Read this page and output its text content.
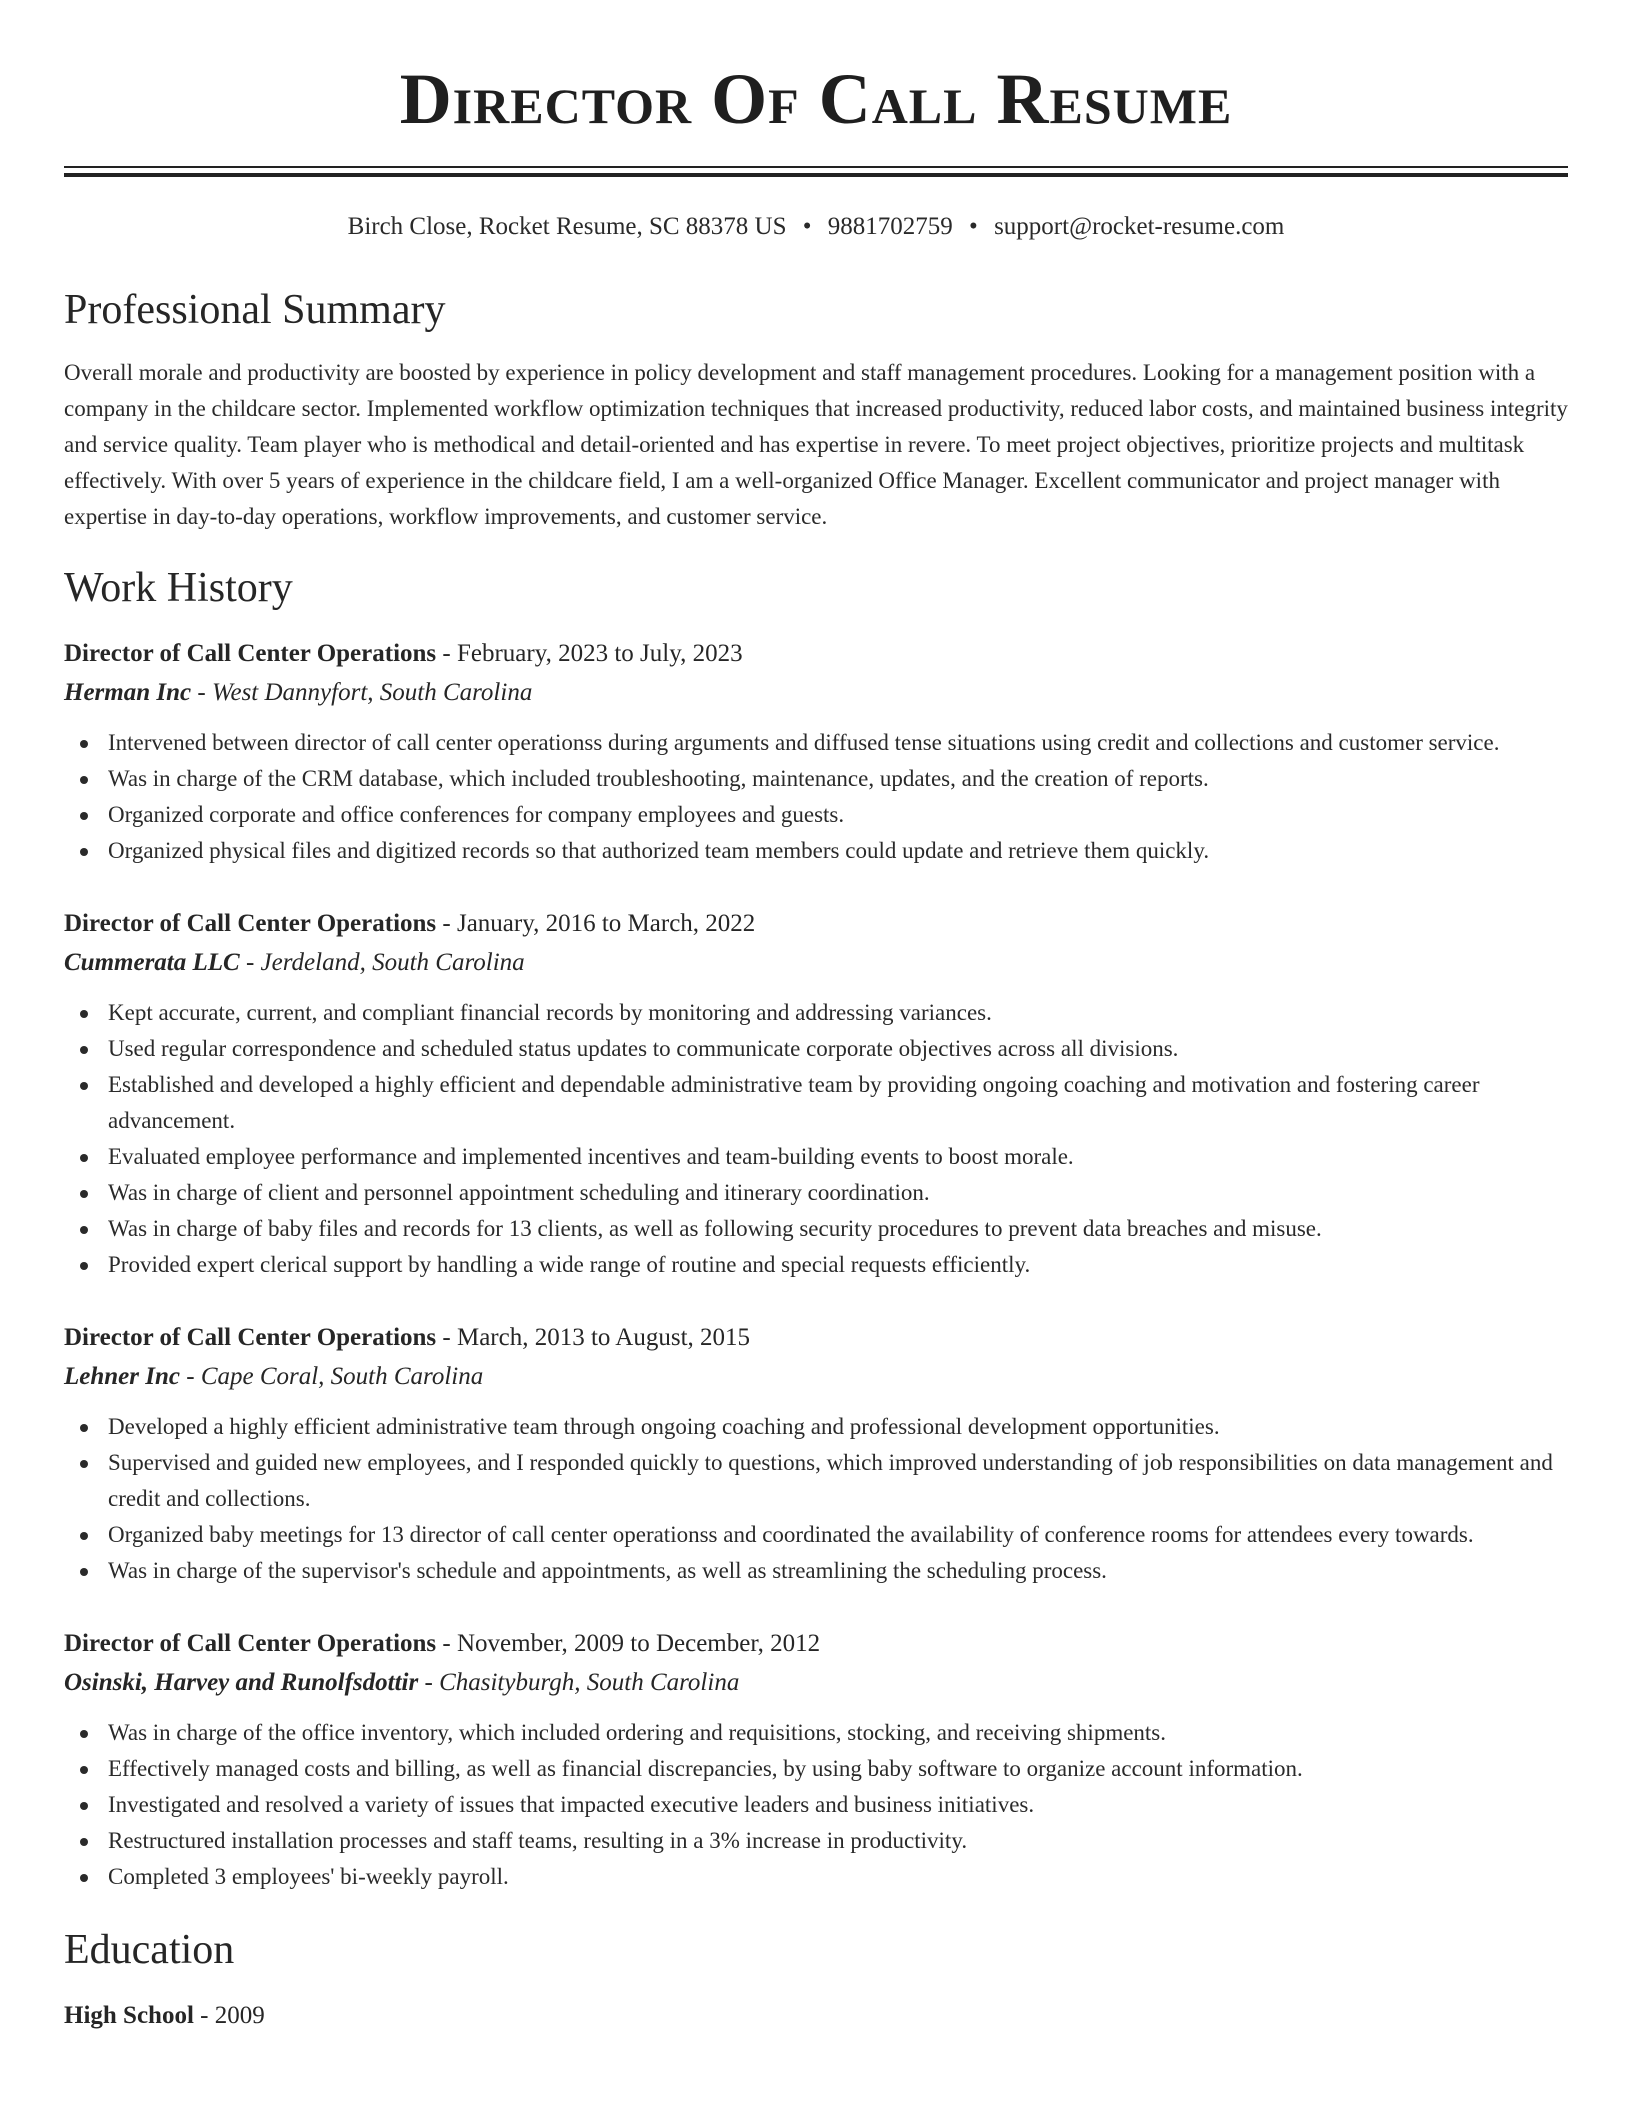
Director Of Call Resume
Birch Close, Rocket Resume, SC 88378 US • 9881702759 • support@rocket-resume.com
Professional Summary

Overall morale and productivity are boosted by experience in policy development and staff management procedures. Looking for a management position with a company in the childcare sector. Implemented workflow optimization techniques that increased productivity, reduced labor costs, and maintained business integrity and service quality. Team player who is methodical and detail-oriented and has expertise in revere. To meet project objectives, prioritize projects and multitask effectively. With over 5 years of experience in the childcare field, I am a well-organized Office Manager. Excellent communicator and project manager with expertise in day-to-day operations, workflow improvements, and customer service.

Work History
Director of Call Center Operations - February, 2023 to July, 2023
Herman Inc - West Dannyfort, South Carolina
Intervened between director of call center operationss during arguments and diffused tense situations using credit and collections and customer service.
Was in charge of the CRM database, which included troubleshooting, maintenance, updates, and the creation of reports.
Organized corporate and office conferences for company employees and guests.
Organized physical files and digitized records so that authorized team members could update and retrieve them quickly.
Director of Call Center Operations - January, 2016 to March, 2022
Cummerata LLC - Jerdeland, South Carolina
Kept accurate, current, and compliant financial records by monitoring and addressing variances.
Used regular correspondence and scheduled status updates to communicate corporate objectives across all divisions.
Established and developed a highly efficient and dependable administrative team by providing ongoing coaching and motivation and fostering career advancement.
Evaluated employee performance and implemented incentives and team-building events to boost morale.
Was in charge of client and personnel appointment scheduling and itinerary coordination.
Was in charge of baby files and records for 13 clients, as well as following security procedures to prevent data breaches and misuse.
Provided expert clerical support by handling a wide range of routine and special requests efficiently.
Director of Call Center Operations - March, 2013 to August, 2015
Lehner Inc - Cape Coral, South Carolina
Developed a highly efficient administrative team through ongoing coaching and professional development opportunities.
Supervised and guided new employees, and I responded quickly to questions, which improved understanding of job responsibilities on data management and credit and collections.
Organized baby meetings for 13 director of call center operationss and coordinated the availability of conference rooms for attendees every towards.
Was in charge of the supervisor's schedule and appointments, as well as streamlining the scheduling process.
Director of Call Center Operations - November, 2009 to December, 2012
Osinski, Harvey and Runolfsdottir - Chasityburgh, South Carolina
Was in charge of the office inventory, which included ordering and requisitions, stocking, and receiving shipments.
Effectively managed costs and billing, as well as financial discrepancies, by using baby software to organize account information.
Investigated and resolved a variety of issues that impacted executive leaders and business initiatives.
Restructured installation processes and staff teams, resulting in a 3% increase in productivity.
Completed 3 employees' bi-weekly payroll.
Education
High School - 2009
